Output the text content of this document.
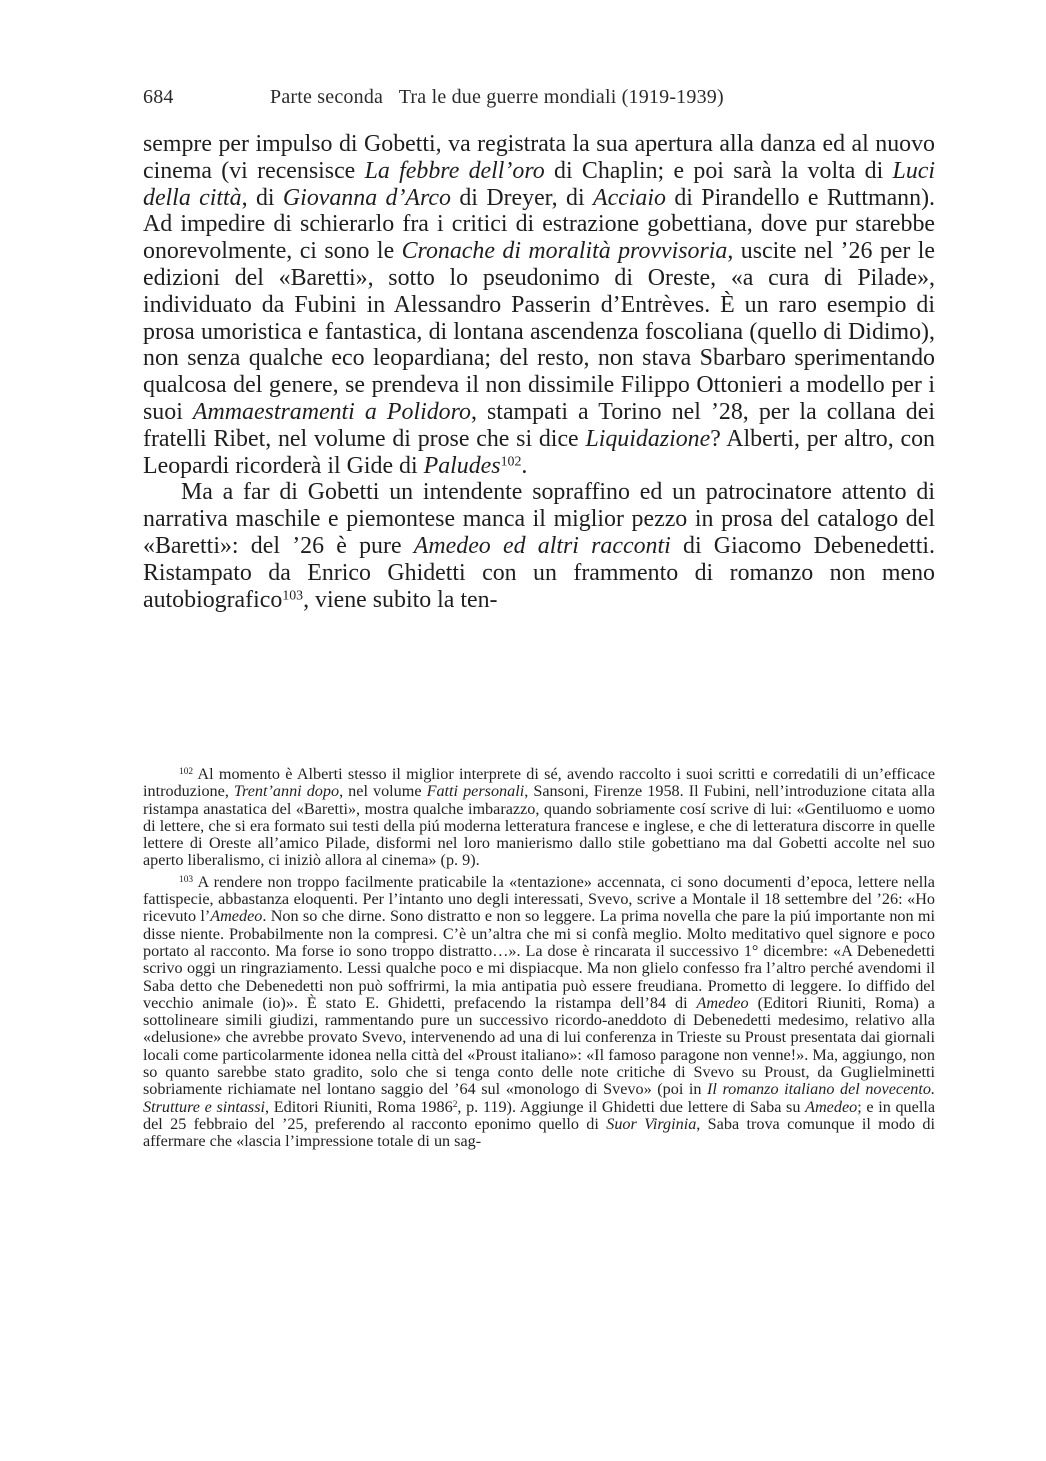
684	Parte seconda Tra le due guerre mondiali (1919-1939)

sempre per impulso di Gobetti, va registrata la sua apertura alla danza ed al nuovo cinema (vi recensisce La febbre dell’oro di Chaplin; e poi sarà la volta di Luci della città, di Giovanna d’Arco di Dreyer, di Acciaio di Pirandello e Ruttmann). Ad impedire di schierarlo fra i critici di estrazione gobettiana, dove pur starebbe onorevolmente, ci sono le Cronache di moralità provvisoria, uscite nel ’26 per le edizioni del «Baretti», sotto lo pseudonimo di Oreste, «a cura di Pilade», individuato da Fubini in Alessandro Passerin d’Entrèves. È un raro esempio di prosa umoristica e fantastica, di lontana ascendenza foscoliana (quello di Didimo), non senza qualche eco leopardiana; del resto, non stava Sbarbaro sperimentando qualcosa del genere, se prendeva il non dissimile Filippo Ottonieri a modello per i suoi Ammaestramenti a Polidoro, stampati a Torino nel ’28, per la collana dei fratelli Ribet, nel volume di prose che si dice Liquidazione? Alberti, per altro, con Leopardi ricorderà il Gide di Paludes$^{102}$.

Ma a far di Gobetti un intendente sopraffino ed un patrocinatore attento di narrativa maschile e piemontese manca il miglior pezzo in prosa del catalogo del «Baretti»: del ’26 è pure Amedeo ed altri racconti di Giacomo Debenedetti. Ristampato da Enrico Ghidetti con un frammento di romanzo non meno autobiografico$^{103}$, viene subito la ten-

$^{102}$ Al momento è Alberti stesso il miglior interprete di sé, avendo raccolto i suoi scritti e corredatili di un’efficace introduzione, Trent’anni dopo, nel volume Fatti personali, Sansoni, Firenze 1958. Il Fubini, nell’introduzione citata alla ristampa anastatica del «Baretti», mostra qualche imbarazzo, quando sobriamente cosí scrive di lui: «Gentiluomo e uomo di lettere, che si era formato sui testi della piú moderna letteratura francese e inglese, e che di letteratura discorre in quelle lettere di Oreste all’amico Pilade, disformi nel loro manierismo dallo stile gobettiano ma dal Gobetti accolte nel suo aperto liberalismo, ci iniziò allora al cinema» (p. 9).

$^{103}$ A rendere non troppo facilmente praticabile la «tentazione» accennata, ci sono documenti d’epoca, lettere nella fattispecie, abbastanza eloquenti. Per l’intanto uno degli interessati, Svevo, scrive a Montale il 18 settembre del ’26: «Ho ricevuto l’Amedeo. Non so che dirne. Sono distratto e non so leggere. La prima novella che pare la piú importante non mi disse niente. Probabilmente non la compresi. C’è un’altra che mi si confà meglio. Molto meditativo quel signore e poco portato al racconto. Ma forse io sono troppo distratto…». La dose è rincarata il successivo 1° dicembre: «A Debenedetti scrivo oggi un ringraziamento. Lessi qualche poco e mi dispiacque. Ma non glielo confesso fra l’altro perché avendomi il Saba detto che Debenedetti non può soffrirmi, la mia antipatia può essere freudiana. Prometto di leggere. Io diffido del vecchio animale (io)». È stato E. Ghidetti, prefacendo la ristampa dell’84 di Amedeo (Editori Riuniti, Roma) a sottolineare simili giudizi, rammentando pure un successivo ricordo-aneddoto di Debenedetti medesimo, relativo alla «delusione» che avrebbe provato Svevo, intervenendo ad una di lui conferenza in Trieste su Proust presentata dai giornali locali come particolarmente idonea nella città del «Proust italiano»: «Il famoso paragone non venne!». Ma, aggiungo, non so quanto sarebbe stato gradito, solo che si tenga conto delle note critiche di Svevo su Proust, da Guglielminetti sobriamente richiamate nel lontano saggio del ’64 sul «monologo di Svevo» (poi in Il romanzo italiano del novecento. Strutture e sintassi, Editori Riuniti, Roma 1986$^2$, p. 119). Aggiunge il Ghidetti due lettere di Saba su Amedeo; e in quella del 25 febbraio del ’25, preferendo al racconto eponimo quello di Suor Virginia, Saba trova comunque il modo di affermare che «lascia l’impressione totale di un sag-
